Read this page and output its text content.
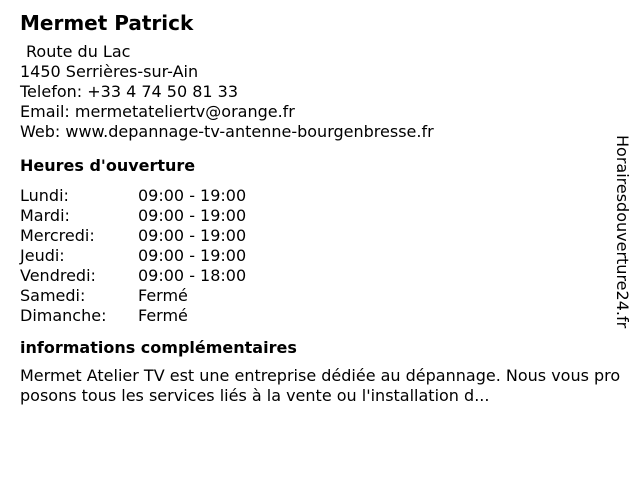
Mermet Patrick
Route du Lac
1450 Serrières-sur-Ain
Telefon: +33 4 74 50 81 33
Email: mermetateliertv@orange.fr
Web: www.depannage-tv-antenne-bourgenbresse.fr
Heures d'ouverture
Lundi:	09:00 - 19:00
Mardi:	09:00 - 19:00
Mercredi:	09:00 - 19:00
Jeudi:	09:00 - 19:00
Vendredi:	09:00 - 18:00
Samedi:	Fermé
Dimanche:	Fermé
informations complémentaires
Mermet Atelier TV est une entreprise dédiée au dépannage. Nous vous proposons tous les services liés à la vente ou l'installation d...
Horairesdouverture24.fr
